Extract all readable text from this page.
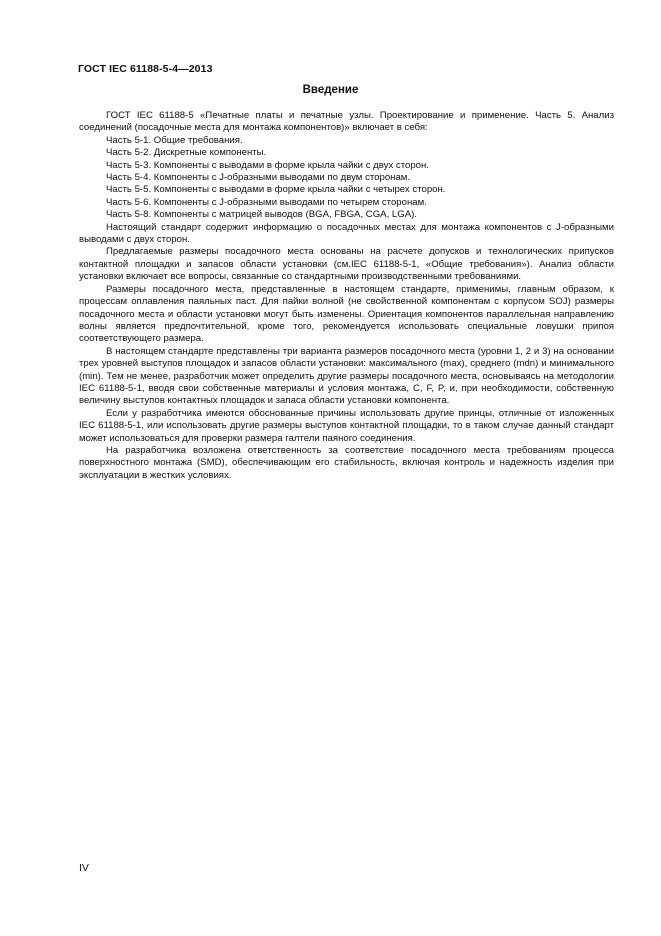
ГОСТ IEC 61188-5-4—2013
Введение

ГОСТ IEC 61188-5 «Печатные платы и печатные узлы. Проектирование и применение. Часть 5. Анализ соединений (посадочные места для монтажа компонентов)» включает в себя:

Часть 5-1. Общие требования.

Часть 5-2. Дискретные компоненты.

Часть 5-3. Компоненты с выводами в форме крыла чайки с двух сторон.

Часть 5-4. Компоненты с J-образными выводами по двум сторонам.

Часть 5-5. Компоненты с выводами в форме крыла чайки с четырех сторон.

Часть 5-6. Компоненты с J-образными выводами по четырем сторонам.

Часть 5-8. Компоненты с матрицей выводов (BGA, FBGA, CGA, LGA).

Настоящий стандарт содержит информацию о посадочных местах для монтажа компонентов с J-образными выводами с двух сторон.

Предлагаемые размеры посадочного места основаны на расчете допусков и технологических припусков контактной площадки и запасов области установки (см.IEC 61188-5-1, «Общие требования»). Анализ области установки включает все вопросы, связанные со стандартными производственными требованиями.

Размеры посадочного места, представленные в настоящем стандарте, применимы, главным образом, к процессам оплавления паяльных паст. Для пайки волной (не свойственной компонентам с корпусом SOJ) размеры посадочного места и области установки могут быть изменены. Ориентация компонентов параллельная направлению волны является предпочтительной, кроме того, рекомендуется использовать специальные ловушки припоя соответствующего размера.

В настоящем стандарте представлены три варианта размеров посадочного места (уровни 1, 2 и 3) на основании трех уровней выступов площадок и запасов области установки: максимального (max), среднего (mdn) и минимального (min). Тем не менее, разработчик может определить другие размеры посадочного места, основываясь на методологии IEC 61188-5-1, вводя свои собственные материалы и условия монтажа, C, F, P, и, при необходимости, собственную величину выступов контактных площадок и запаса области установки компонента.

Если у разработчика имеются обоснованные причины использовать другие принцы, отличные от изложенных IEC 61188-5-1, или использовать другие размеры выступов контактной площадки, то в таком случае данный стандарт может использоваться для проверки размера галтели паяного соединения.

На разработчика возложена ответственность за соответствие посадочного места требованиям процесса поверхностного монтажа (SMD), обеспечивающим его стабильность, включая контроль и надежность изделия при эксплуатации в жестких условиях.

IV
